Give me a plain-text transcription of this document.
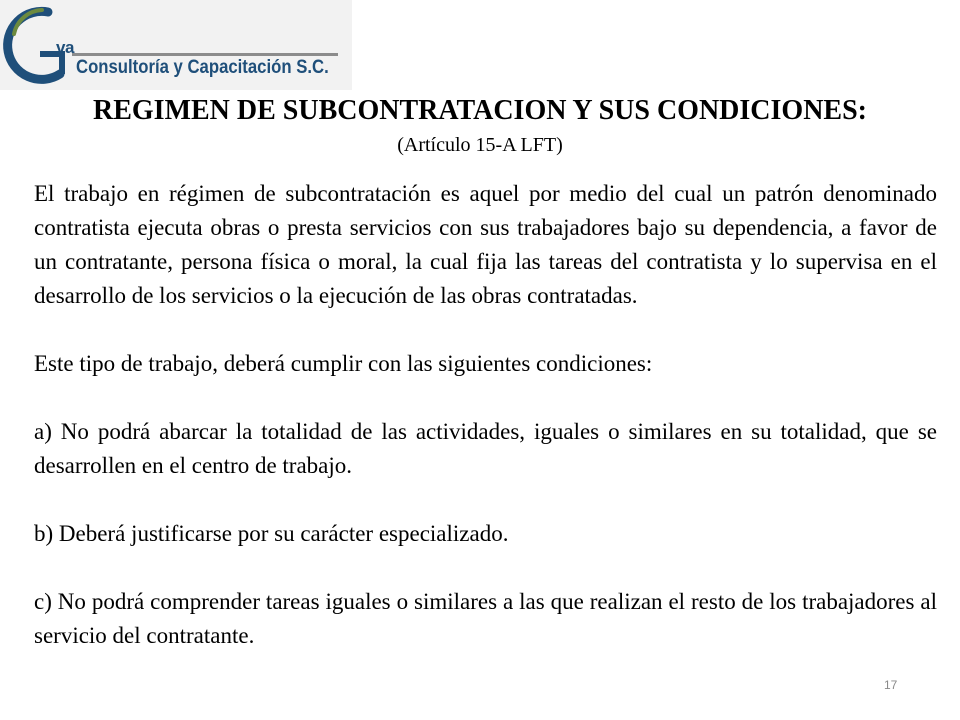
va
Consultoría y Capacitación S.C.
REGIMEN DE SUBCONTRATACION Y SUS CONDICIONES:
(Artículo 15-A LFT)

El trabajo en régimen de subcontratación es aquel por medio del cual un patrón denominado contratista ejecuta obras o presta servicios con sus trabajadores bajo su dependencia, a favor de un contratante, persona física o moral, la cual fija las tareas del contratista y lo supervisa en el desarrollo de los servicios o la ejecución de las obras contratadas.

Este tipo de trabajo, deberá cumplir con las siguientes condiciones:

a) No podrá abarcar la totalidad de las actividades, iguales o similares en su totalidad, que se desarrollen en el centro de trabajo.

b) Deberá justificarse por su carácter especializado.

c) No podrá comprender tareas iguales o similares a las que realizan el resto de los trabajadores al servicio del contratante.

17
